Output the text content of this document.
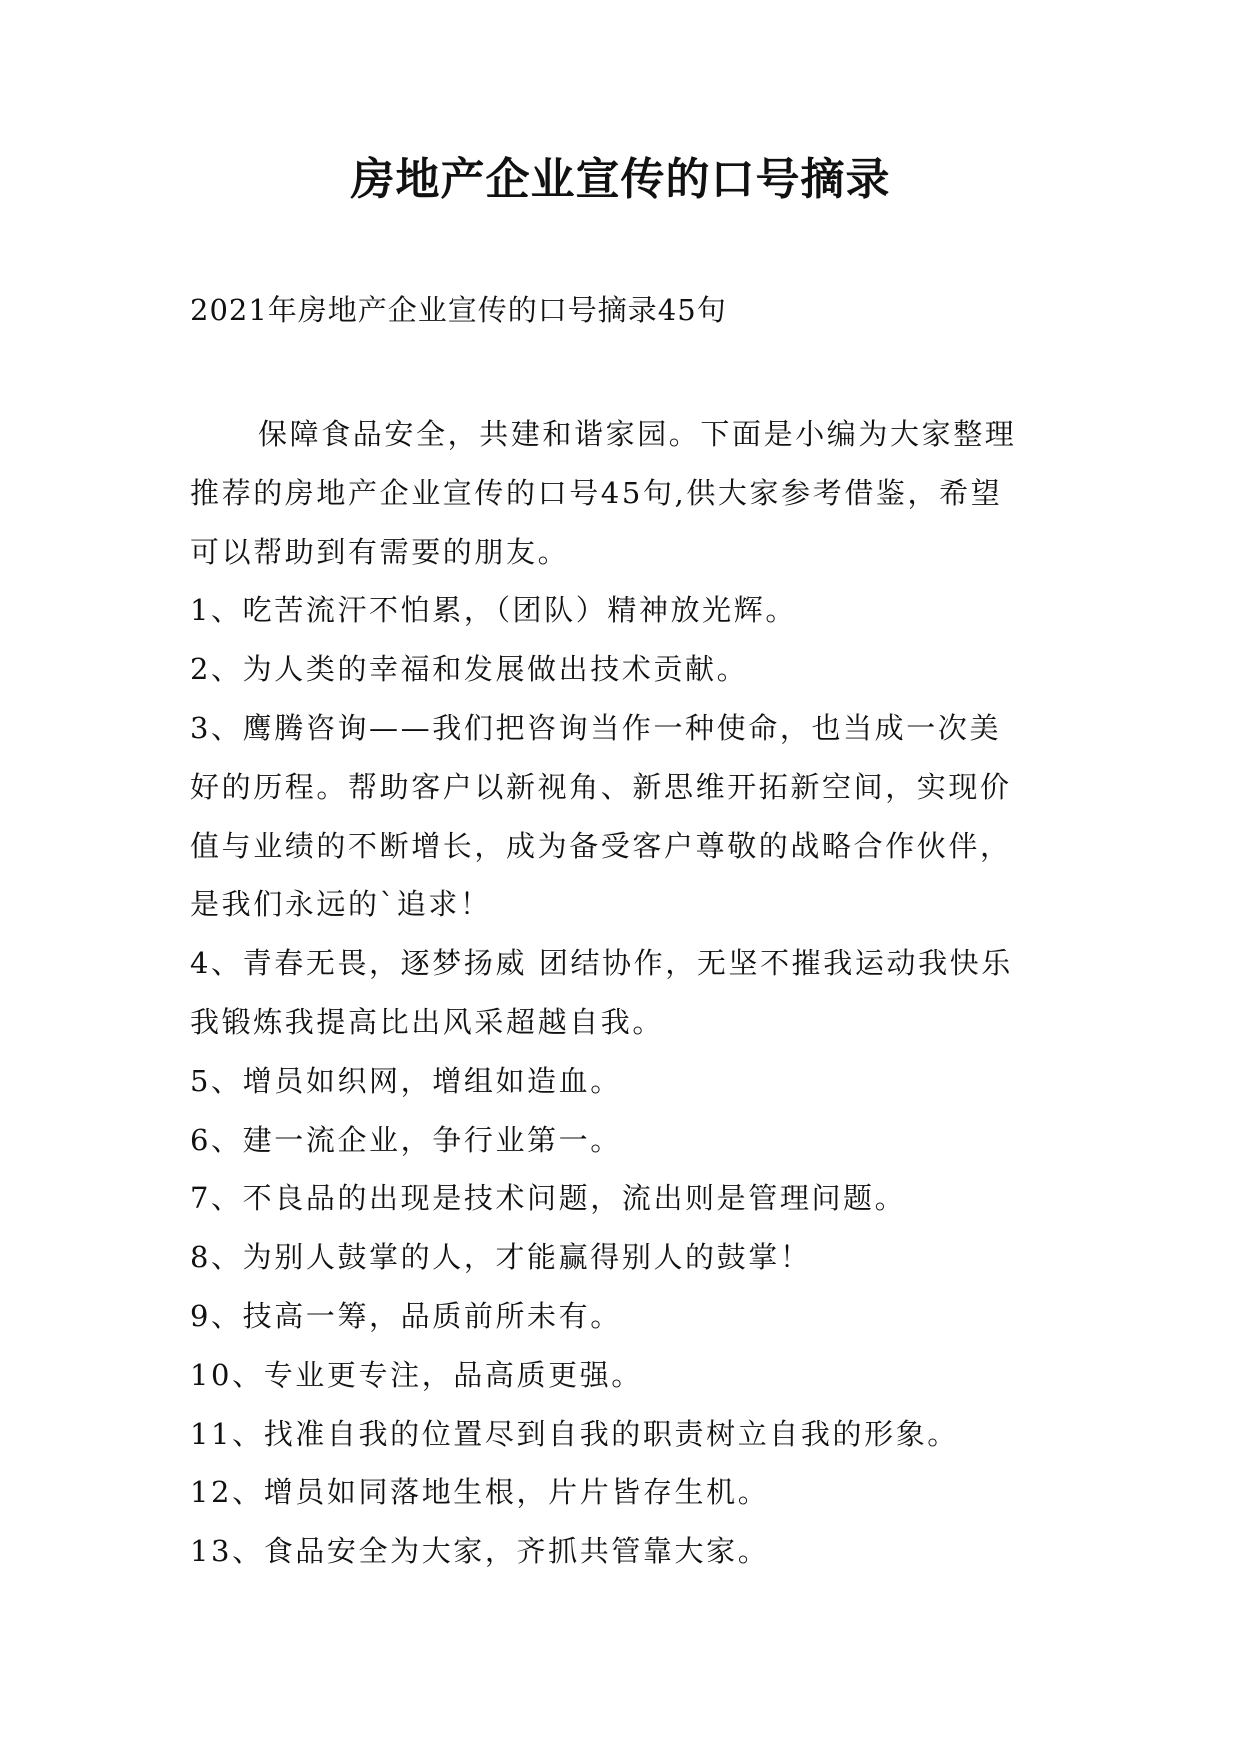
房地产企业宣传的口号摘录

2021年房地产企业宣传的口号摘录45句

保障食品安全，共建和谐家园。下面是小编为大家整理

推荐的房地产企业宣传的口号45句,供大家参考借鉴，希望

可以帮助到有需要的朋友。

1、吃苦流汗不怕累，（团队）精神放光辉。

2、为人类的幸福和发展做出技术贡献。

3、鹰腾咨询——我们把咨询当作一种使命，也当成一次美

好的历程。帮助客户以新视角、新思维开拓新空间，实现价

值与业绩的不断增长，成为备受客户尊敬的战略合作伙伴，

是我们永远的`追求！

4、青春无畏，逐梦扬威 团结协作，无坚不摧我运动我快乐

我锻炼我提高比出风采超越自我。

5、增员如织网，增组如造血。

6、建一流企业，争行业第一。

7、不良品的出现是技术问题，流出则是管理问题。

8、为别人鼓掌的人，才能赢得别人的鼓掌！

9、技高一筹，品质前所未有。

10、专业更专注，品高质更强。

11、找准自我的位置尽到自我的职责树立自我的形象。

12、增员如同落地生根，片片皆存生机。

13、食品安全为大家，齐抓共管靠大家。
